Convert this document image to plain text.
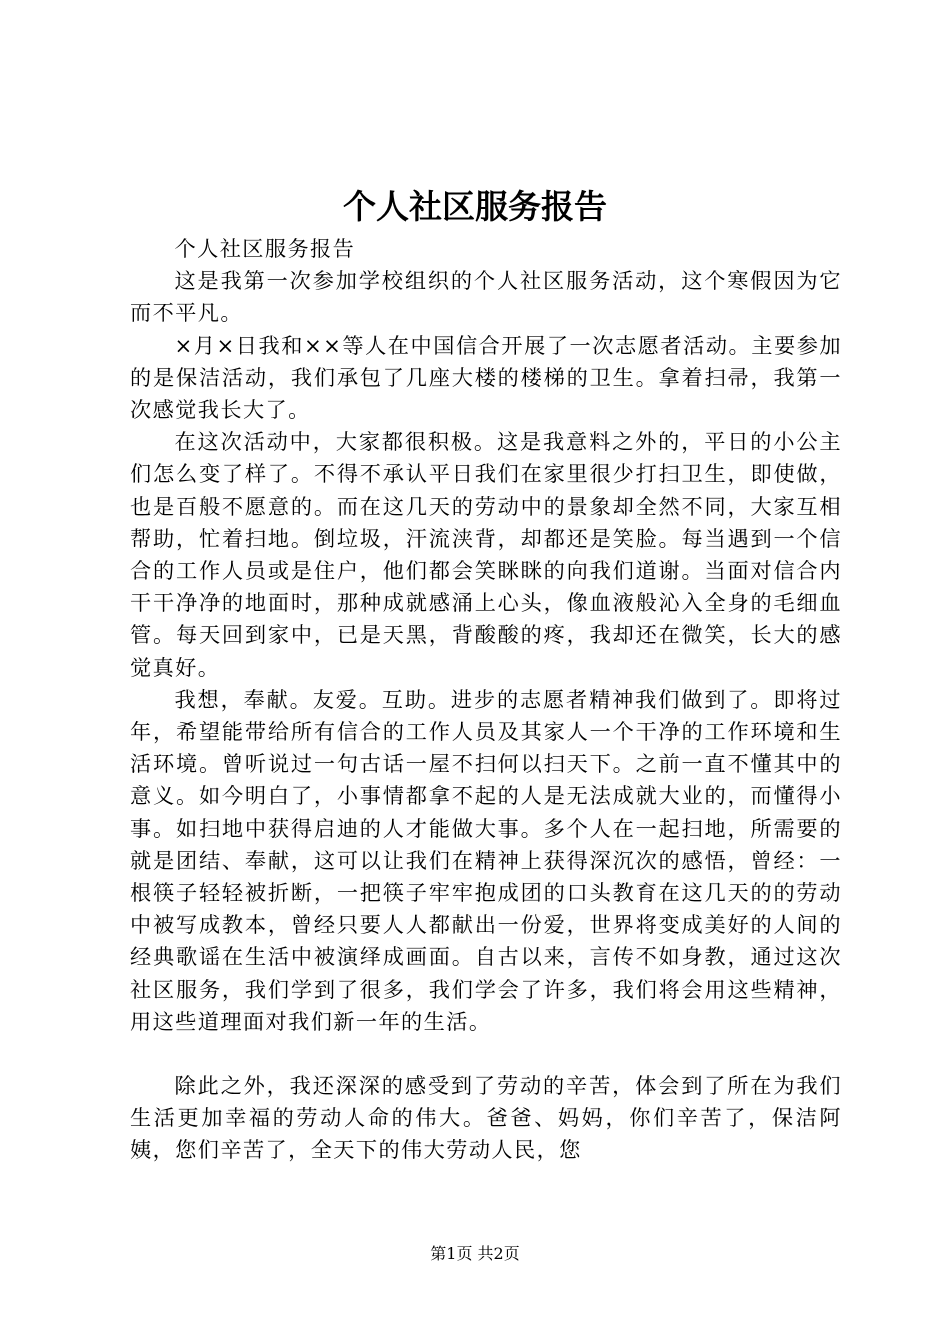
个人社区服务报告

个人社区服务报告

这是我第一次参加学校组织的个人社区服务活动，这个寒假因为它而不平凡。

×月×日我和××等人在中国信合开展了一次志愿者活动。主要参加的是保洁活动，我们承包了几座大楼的楼梯的卫生。拿着扫帚，我第一次感觉我长大了。

在这次活动中，大家都很积极。这是我意料之外的，平日的小公主们怎么变了样了。不得不承认平日我们在家里很少打扫卫生，即使做，也是百般不愿意的。而在这几天的劳动中的景象却全然不同，大家互相帮助，忙着扫地。倒垃圾，汗流浃背，却都还是笑脸。每当遇到一个信合的工作人员或是住户，他们都会笑眯眯的向我们道谢。当面对信合内干干净净的地面时，那种成就感涌上心头，像血液般沁入全身的毛细血管。每天回到家中，已是天黑，背酸酸的疼，我却还在微笑，长大的感觉真好。

我想，奉献。友爱。互助。进步的志愿者精神我们做到了。即将过年，希望能带给所有信合的工作人员及其家人一个干净的工作环境和生活环境。曾听说过一句古话一屋不扫何以扫天下。之前一直不懂其中的意义。如今明白了，小事情都拿不起的人是无法成就大业的，而懂得小事。如扫地中获得启迪的人才能做大事。多个人在一起扫地，所需要的就是团结、奉献，这可以让我们在精神上获得深沉次的感悟，曾经：一根筷子轻轻被折断，一把筷子牢牢抱成团的口头教育在这几天的的劳动中被写成教本，曾经只要人人都献出一份爱，世界将变成美好的人间的经典歌谣在生活中被演绎成画面。自古以来，言传不如身教，通过这次社区服务，我们学到了很多，我们学会了许多，我们将会用这些精神，用这些道理面对我们新一年的生活。

除此之外，我还深深的感受到了劳动的辛苦，体会到了所在为我们生活更加幸福的劳动人命的伟大。爸爸、妈妈，你们辛苦了，保洁阿姨，您们辛苦了，全天下的伟大劳动人民，您

第1页 共2页
